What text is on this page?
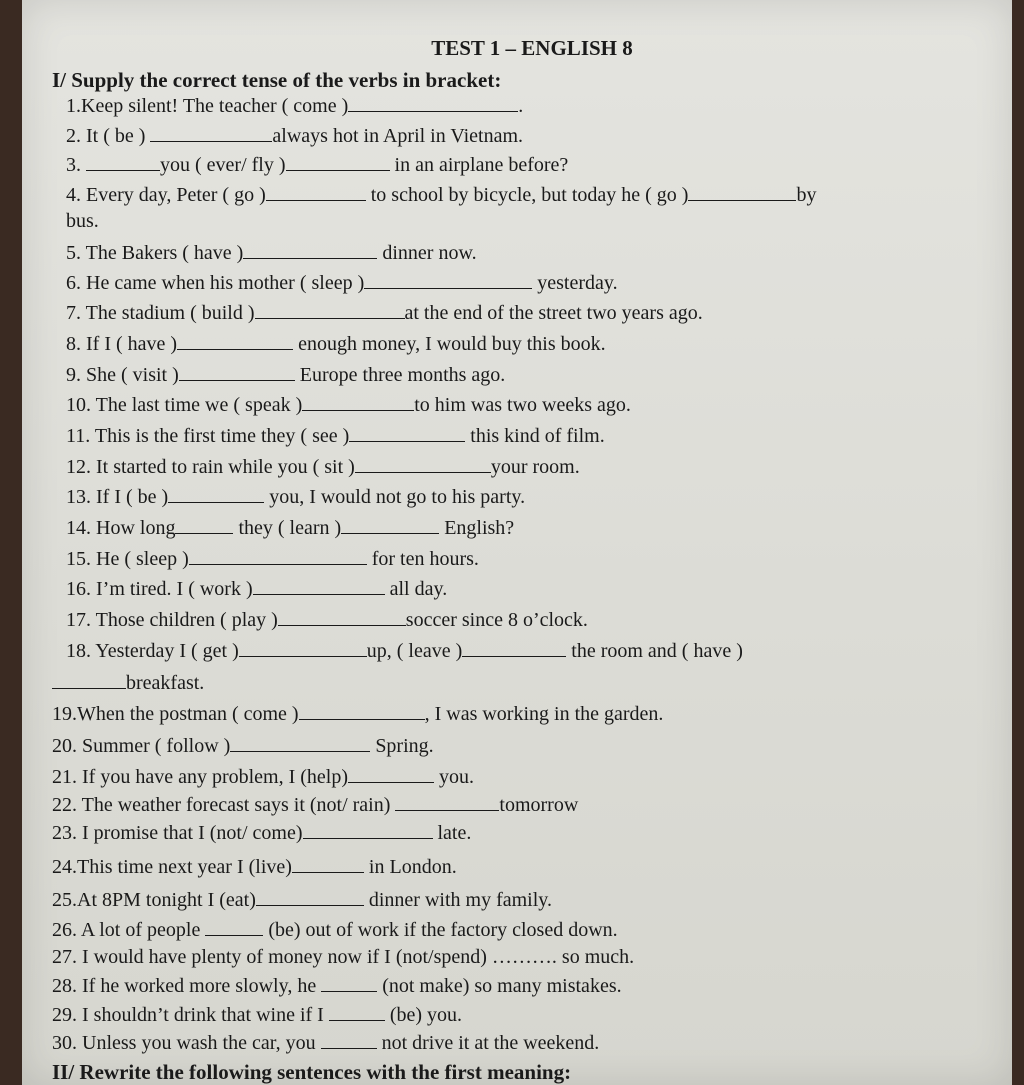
TEST 1 – ENGLISH 8
I/ Supply the correct tense of the verbs in bracket:
1.Keep silent! The teacher ( come )	.
2. It ( be )	always hot in April in Vietnam.
3.	you ( ever/ fly )	in an airplane before?
4. Every day, Peter ( go )	to school by bicycle, but today he ( go )	by
bus.
5. The Bakers ( have )	dinner now.
6. He came when his mother ( sleep )	yesterday.
7. The stadium ( build )	at the end of the street two years ago.
8. If I ( have )	enough money, I would buy this book.
9. She ( visit )	Europe three months ago.
10. The last time we ( speak )	to him was two weeks ago.
11. This is the first time they ( see )	this kind of film.
12. It started to rain while you ( sit )	your room.
13. If I ( be )	you, I would not go to his party.
14. How long	they ( learn )	English?
15. He ( sleep )	for ten hours.
16. I’m tired. I ( work )	all day.
17. Those children ( play )	soccer since 8 o’clock.
18. Yesterday I ( get )	up, ( leave )	the room and ( have )
breakfast.
19.When the postman ( come )	, I was working in the garden.
20. Summer ( follow )	Spring.
21. If you have any problem, I (help)	you.
22. The weather forecast says it (not/ rain)	tomorrow
23. I promise that I (not/ come)	late.
24.This time next year I (live)	in London.
25.At 8PM tonight I (eat)	dinner with my family.
26. A lot of people	(be) out of work if the factory closed down.
27. I would have plenty of money now if I (not/spend) ………. so much.
28. If he worked more slowly, he	(not make) so many mistakes.
29. I shouldn’t drink that wine if I	(be) you.
30. Unless you wash the car, you	not drive it at the weekend.
II/ Rewrite the following sentences with the first meaning:
